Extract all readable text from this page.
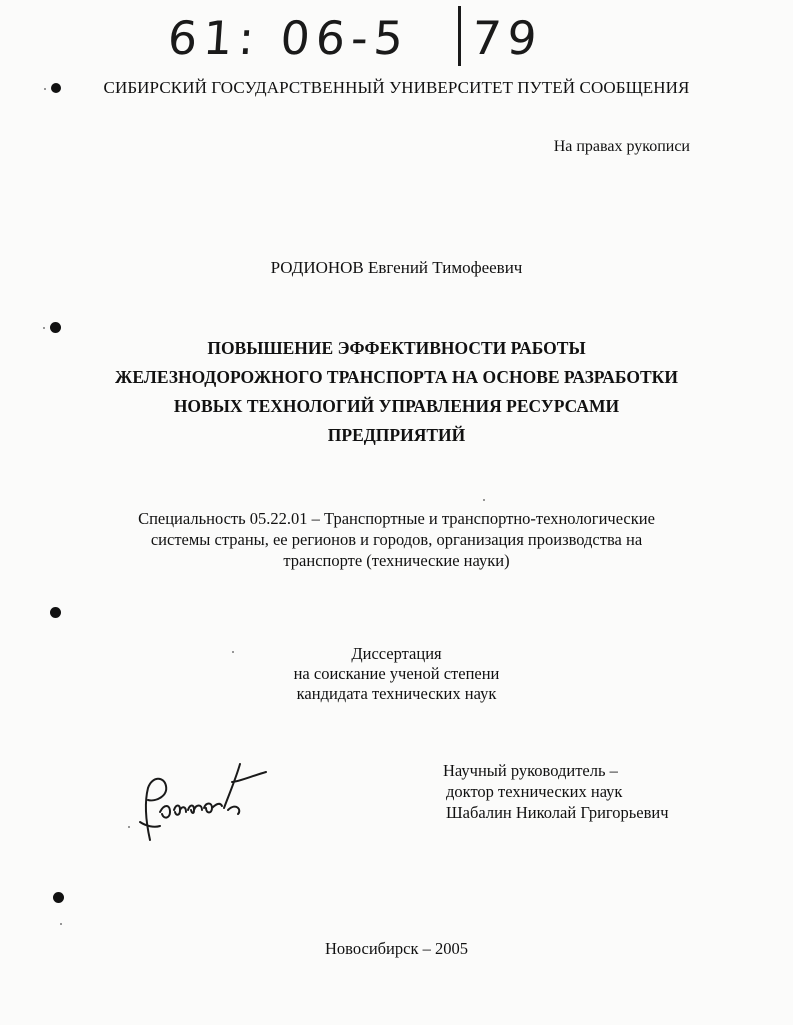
61: 06-5	79
СИБИРСКИЙ ГОСУДАРСТВЕННЫЙ УНИВЕРСИТЕТ ПУТЕЙ СООБЩЕНИЯ
На правах рукописи
РОДИОНОВ Евгений Тимофеевич
ПОВЫШЕНИЕ ЭФФЕКТИВНОСТИ РАБОТЫ
ЖЕЛЕЗНОДОРОЖНОГО ТРАНСПОРТА НА ОСНОВЕ РАЗРАБОТКИ
НОВЫХ ТЕХНОЛОГИЙ УПРАВЛЕНИЯ РЕСУРСАМИ
ПРЕДПРИЯТИЙ
Специальность 05.22.01 – Транспортные и транспортно-технологические
системы страны, ее регионов и городов, организация производства на
транспорте (технические науки)
Диссертация
на соискание ученой степени
кандидата технических наук
Научный руководитель –
доктор технических наук
Шабалин Николай Григорьевич
Новосибирск – 2005
